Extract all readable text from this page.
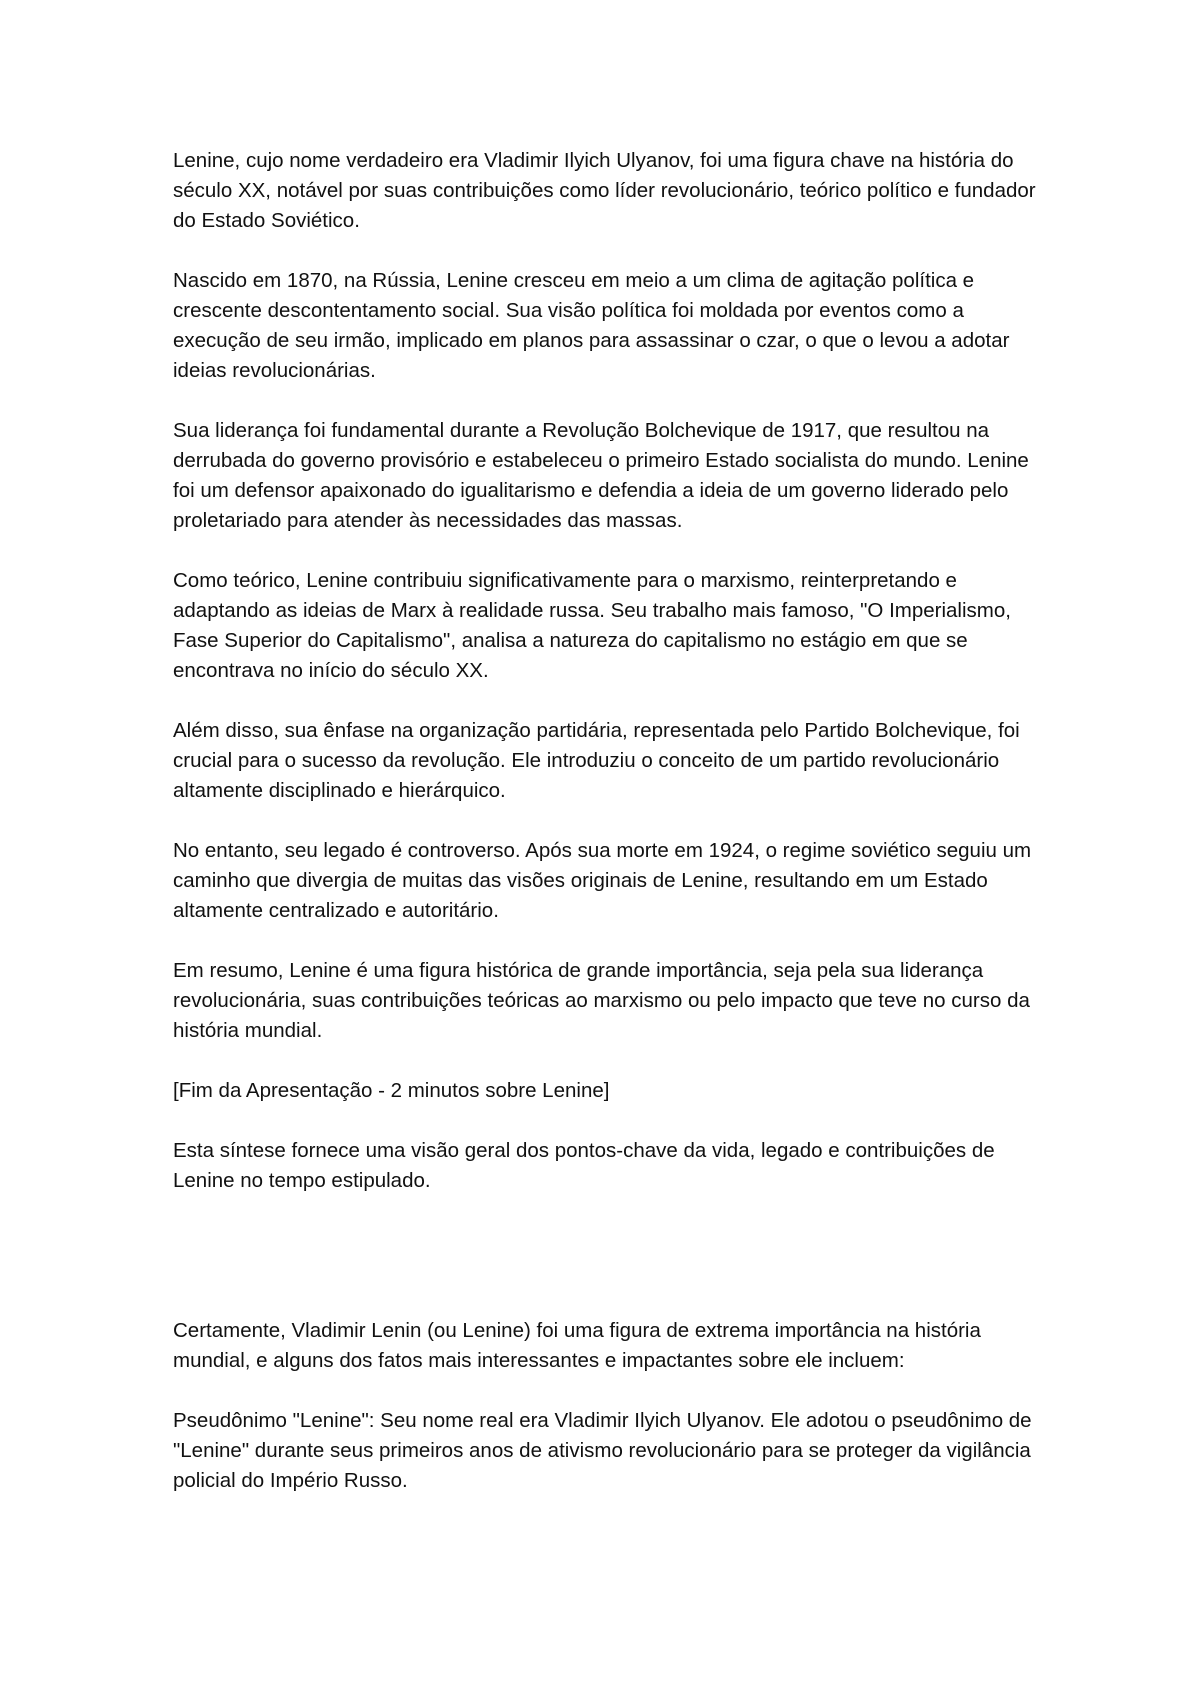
Lenine, cujo nome verdadeiro era Vladimir Ilyich Ulyanov, foi uma figura chave na história do século XX, notável por suas contribuições como líder revolucionário, teórico político e fundador do Estado Soviético.

Nascido em 1870, na Rússia, Lenine cresceu em meio a um clima de agitação política e crescente descontentamento social. Sua visão política foi moldada por eventos como a execução de seu irmão, implicado em planos para assassinar o czar, o que o levou a adotar ideias revolucionárias.

Sua liderança foi fundamental durante a Revolução Bolchevique de 1917, que resultou na derrubada do governo provisório e estabeleceu o primeiro Estado socialista do mundo. Lenine foi um defensor apaixonado do igualitarismo e defendia a ideia de um governo liderado pelo proletariado para atender às necessidades das massas.

Como teórico, Lenine contribuiu significativamente para o marxismo, reinterpretando e adaptando as ideias de Marx à realidade russa. Seu trabalho mais famoso, "O Imperialismo, Fase Superior do Capitalismo", analisa a natureza do capitalismo no estágio em que se encontrava no início do século XX.

Além disso, sua ênfase na organização partidária, representada pelo Partido Bolchevique, foi crucial para o sucesso da revolução. Ele introduziu o conceito de um partido revolucionário altamente disciplinado e hierárquico.

No entanto, seu legado é controverso. Após sua morte em 1924, o regime soviético seguiu um caminho que divergia de muitas das visões originais de Lenine, resultando em um Estado altamente centralizado e autoritário.

Em resumo, Lenine é uma figura histórica de grande importância, seja pela sua liderança revolucionária, suas contribuições teóricas ao marxismo ou pelo impacto que teve no curso da história mundial.

[Fim da Apresentação - 2 minutos sobre Lenine]

Esta síntese fornece uma visão geral dos pontos-chave da vida, legado e contribuições de Lenine no tempo estipulado.

Certamente, Vladimir Lenin (ou Lenine) foi uma figura de extrema importância na história mundial, e alguns dos fatos mais interessantes e impactantes sobre ele incluem:

Pseudônimo "Lenine": Seu nome real era Vladimir Ilyich Ulyanov. Ele adotou o pseudônimo de "Lenine" durante seus primeiros anos de ativismo revolucionário para se proteger da vigilância policial do Império Russo.
